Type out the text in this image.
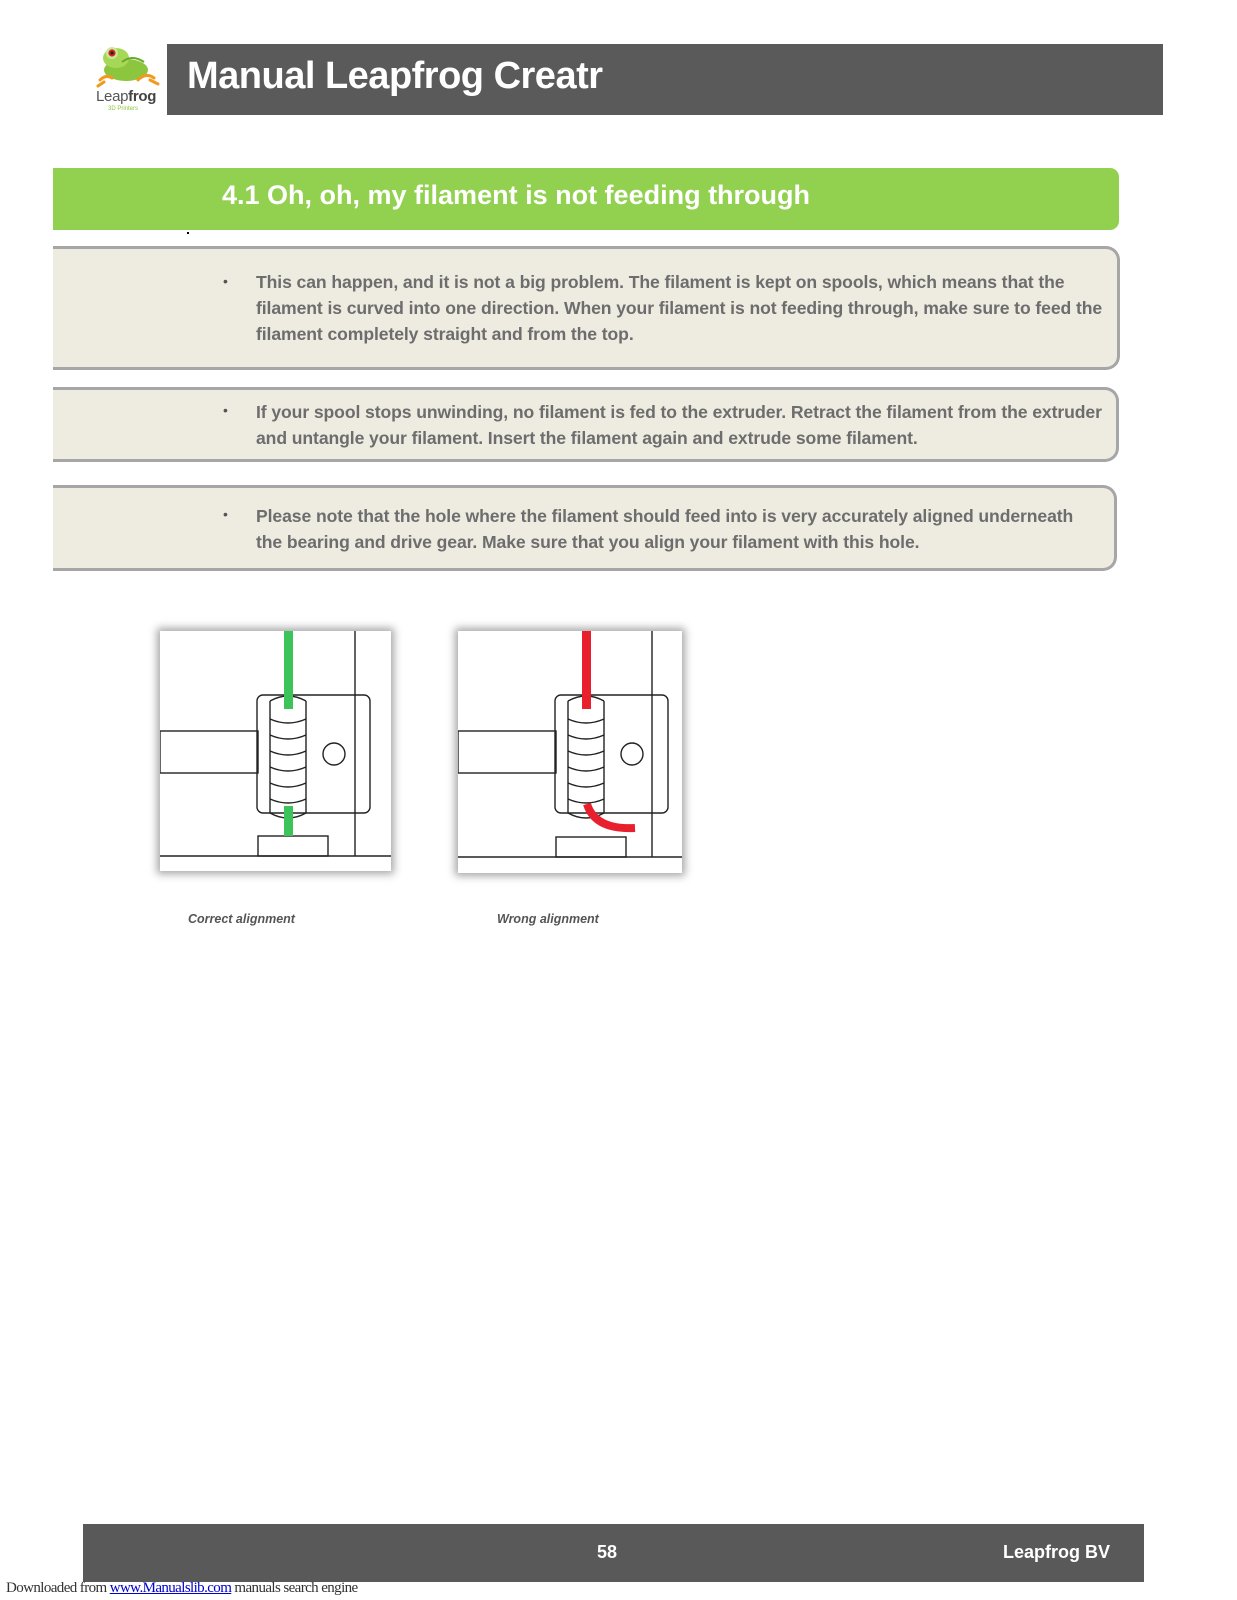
Leapfrog
3D Printers
Manual Leapfrog Creatr
4.1 Oh, oh, my filament is not feeding through
• This can happen, and it is not a big problem. The filament is kept on spools, which means that the filament is curved into one direction. When your filament is not feeding through, make sure to feed the filament completely straight and from the top.
• If your spool stops unwinding, no filament is fed to the extruder. Retract the filament from the extruder and untangle your filament. Insert the filament again and extrude some filament.
• Please note that the hole where the filament should feed into is very accurately aligned underneath the bearing and drive gear. Make sure that you align your filament with this hole.
Correct alignment	Wrong alignment
58	Leapfrog BV
Downloaded from www.Manualslib.com manuals search engine
